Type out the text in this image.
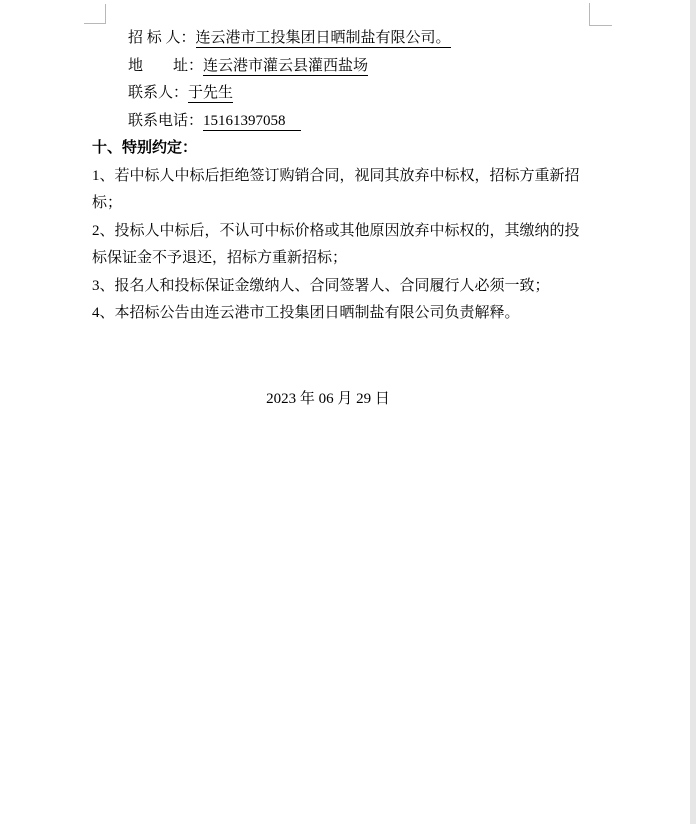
招 标 人：连云港市工投集团日晒制盐有限公司。

地　　址：连云港市灌云县灌西盐场

联系人：于先生

联系电话：15161397058　

十、特别约定：

1、若中标人中标后拒绝签订购销合同，视同其放弃中标权，招标方重新招标；

2、投标人中标后，不认可中标价格或其他原因放弃中标权的，其缴纳的投标保证金不予退还，招标方重新招标；

3、报名人和投标保证金缴纳人、合同签署人、合同履行人必须一致；

4、本招标公告由连云港市工投集团日晒制盐有限公司负责解释。

2023 年 06 月 29 日
